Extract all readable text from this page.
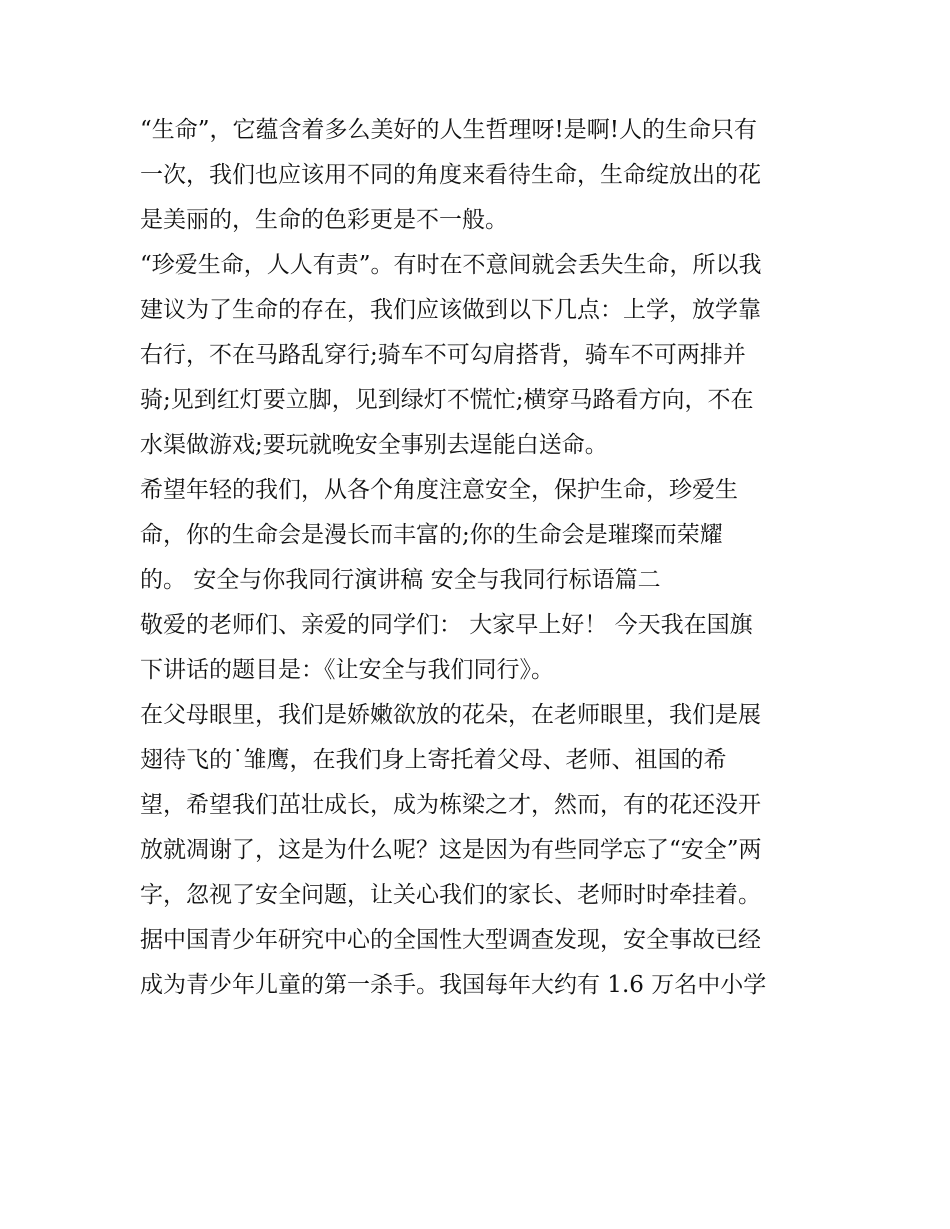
“生命”，它蕴含着多么美好的人生哲理呀!是啊!人的生命只有
一次，我们也应该用不同的角度来看待生命，生命绽放出的花
是美丽的，生命的色彩更是不一般。
“珍爱生命，人人有责”。有时在不意间就会丢失生命，所以我
建议为了生命的存在，我们应该做到以下几点：上学，放学靠
右行，不在马路乱穿行;骑车不可勾肩搭背，骑车不可两排并
骑;见到红灯要立脚，见到绿灯不慌忙;横穿马路看方向，不在
水渠做游戏;要玩就晚安全事别去逞能白送命。
希望年轻的我们，从各个角度注意安全，保护生命，珍爱生
命，你的生命会是漫长而丰富的;你的生命会是璀璨而荣耀
的。 安全与你我同行演讲稿 安全与我同行标语篇二
敬爱的老师们、亲爱的同学们： 大家早上好！ 今天我在国旗
下讲话的题目是：《让安全与我们同行》。
在父母眼里，我们是娇嫩欲放的花朵，在老师眼里，我们是展
翅待飞的˙雏鹰，在我们身上寄托着父母、老师、祖国的希
望，希望我们茁壮成长，成为栋梁之才，然而，有的花还没开
放就凋谢了，这是为什么呢？这是因为有些同学忘了“安全”两
字，忽视了安全问题，让关心我们的家长、老师时时牵挂着。
据中国青少年研究中心的全国性大型调查发现，安全事故已经
成为青少年儿童的第一杀手。我国每年大约有 1.6 万名中小学
